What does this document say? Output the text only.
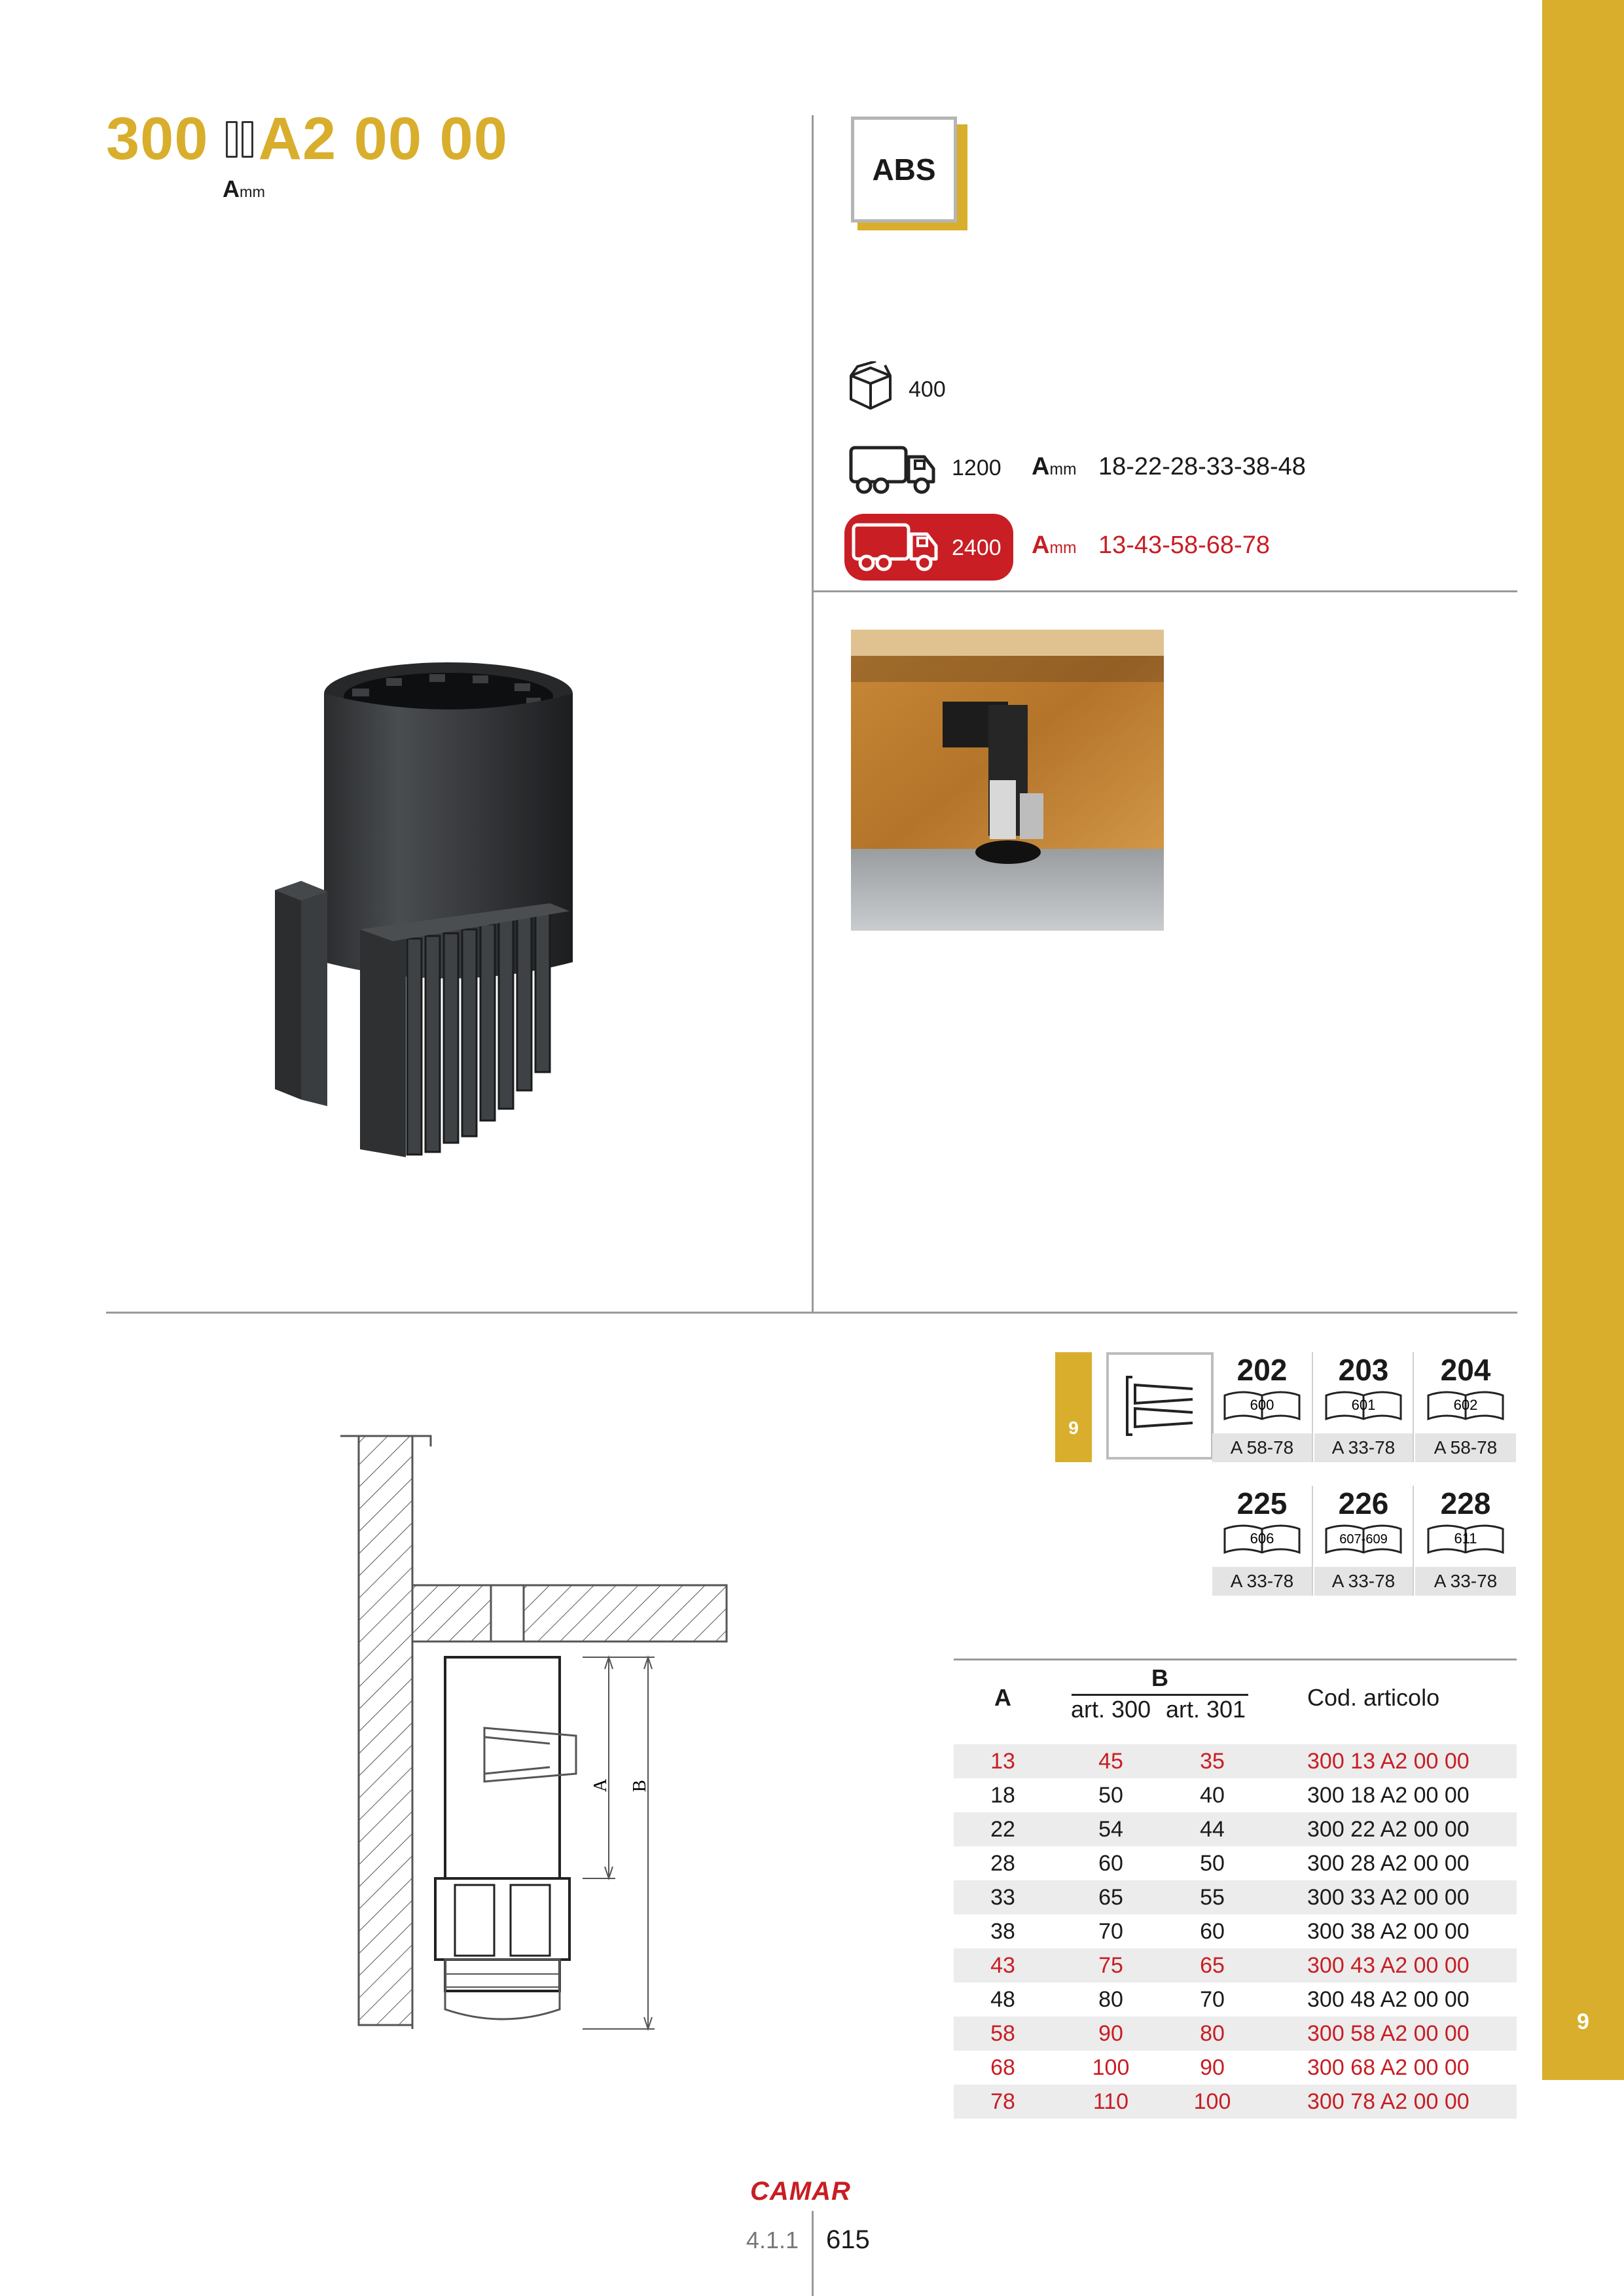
9
300 A2 00 00
Amm
ABS
400
1200 Amm 18-22-28-33-38-48
2400 Amm 13-43-58-68-78
9
202
600
A 58-78
203
601
A 33-78
204
602
A 58-78
225
606
A 33-78
226
607-609
A 33-78
228
611
A 33-78
A B
A
B
art. 300 art. 301	Cod. articolo
13	45	35	300 13 A2 00 00
18	50	40	300 18 A2 00 00
22	54	44	300 22 A2 00 00
28	60	50	300 28 A2 00 00
33	65	55	300 33 A2 00 00
38	70	60	300 38 A2 00 00
43	75	65	300 43 A2 00 00
48	80	70	300 48 A2 00 00
58	90	80	300 58 A2 00 00
68	100	90	300 68 A2 00 00
78	110	100	300 78 A2 00 00
CAMAR
4.1.1 615
